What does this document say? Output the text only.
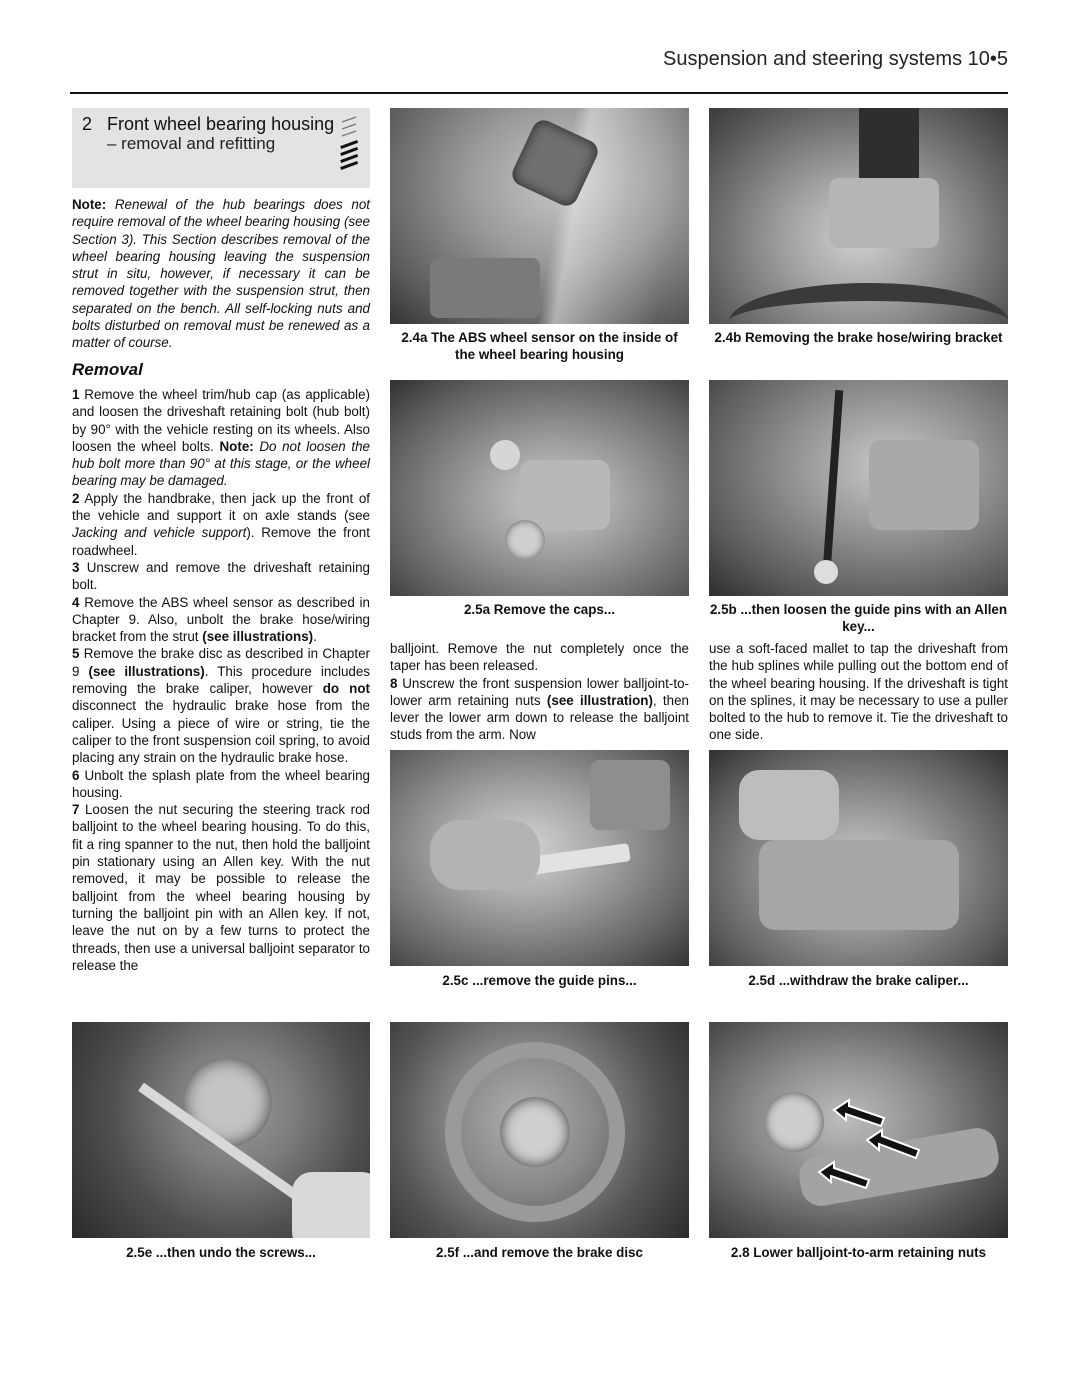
Suspension and steering systems 10•5
2 Front wheel bearing housing
– removal and refitting

Note: Renewal of the hub bearings does not require removal of the wheel bearing housing (see Section 3). This Section describes removal of the wheel bearing housing leaving the suspension strut in situ, however, if necessary it can be removed together with the suspension strut, then separated on the bench. All self-locking nuts and bolts disturbed on removal must be renewed as a matter of course.

Removal

1 Remove the wheel trim/hub cap (as applicable) and loosen the driveshaft retaining bolt (hub bolt) by 90° with the vehicle resting on its wheels. Also loosen the wheel bolts. Note: Do not loosen the hub bolt more than 90° at this stage, or the wheel bearing may be damaged.

2 Apply the handbrake, then jack up the front of the vehicle and support it on axle stands (see Jacking and vehicle support). Remove the front roadwheel.

3 Unscrew and remove the driveshaft retaining bolt.

4 Remove the ABS wheel sensor as described in Chapter 9. Also, unbolt the brake hose/wiring bracket from the strut (see illustrations).

5 Remove the brake disc as described in Chapter 9 (see illustrations). This procedure includes removing the brake caliper, however do not disconnect the hydraulic brake hose from the caliper. Using a piece of wire or string, tie the caliper to the front suspension coil spring, to avoid placing any strain on the hydraulic brake hose.

6 Unbolt the splash plate from the wheel bearing housing.

7 Loosen the nut securing the steering track rod balljoint to the wheel bearing housing. To do this, fit a ring spanner to the nut, then hold the balljoint pin stationary using an Allen key. With the nut removed, it may be possible to release the balljoint from the wheel bearing housing by turning the balljoint pin with an Allen key. If not, leave the nut on by a few turns to protect the threads, then use a universal balljoint separator to release the

balljoint. Remove the nut completely once the taper has been released.

8 Unscrew the front suspension lower balljoint-to-lower arm retaining nuts (see illustration), then lever the lower arm down to release the balljoint studs from the arm. Now

use a soft-faced mallet to tap the driveshaft from the hub splines while pulling out the bottom end of the wheel bearing housing. If the driveshaft is tight on the splines, it may be necessary to use a puller bolted to the hub to remove it. Tie the driveshaft to one side.

2.4a The ABS wheel sensor on the inside of the wheel bearing housing
2.4b Removing the brake hose/wiring bracket
2.5a Remove the caps...	2.5b ...then loosen the guide pins with an Allen key...
2.5c ...remove the guide pins...	2.5d ...withdraw the brake caliper...
2.5e ...then undo the screws...	2.5f ...and remove the brake disc	2.8 Lower balljoint-to-arm retaining nuts
